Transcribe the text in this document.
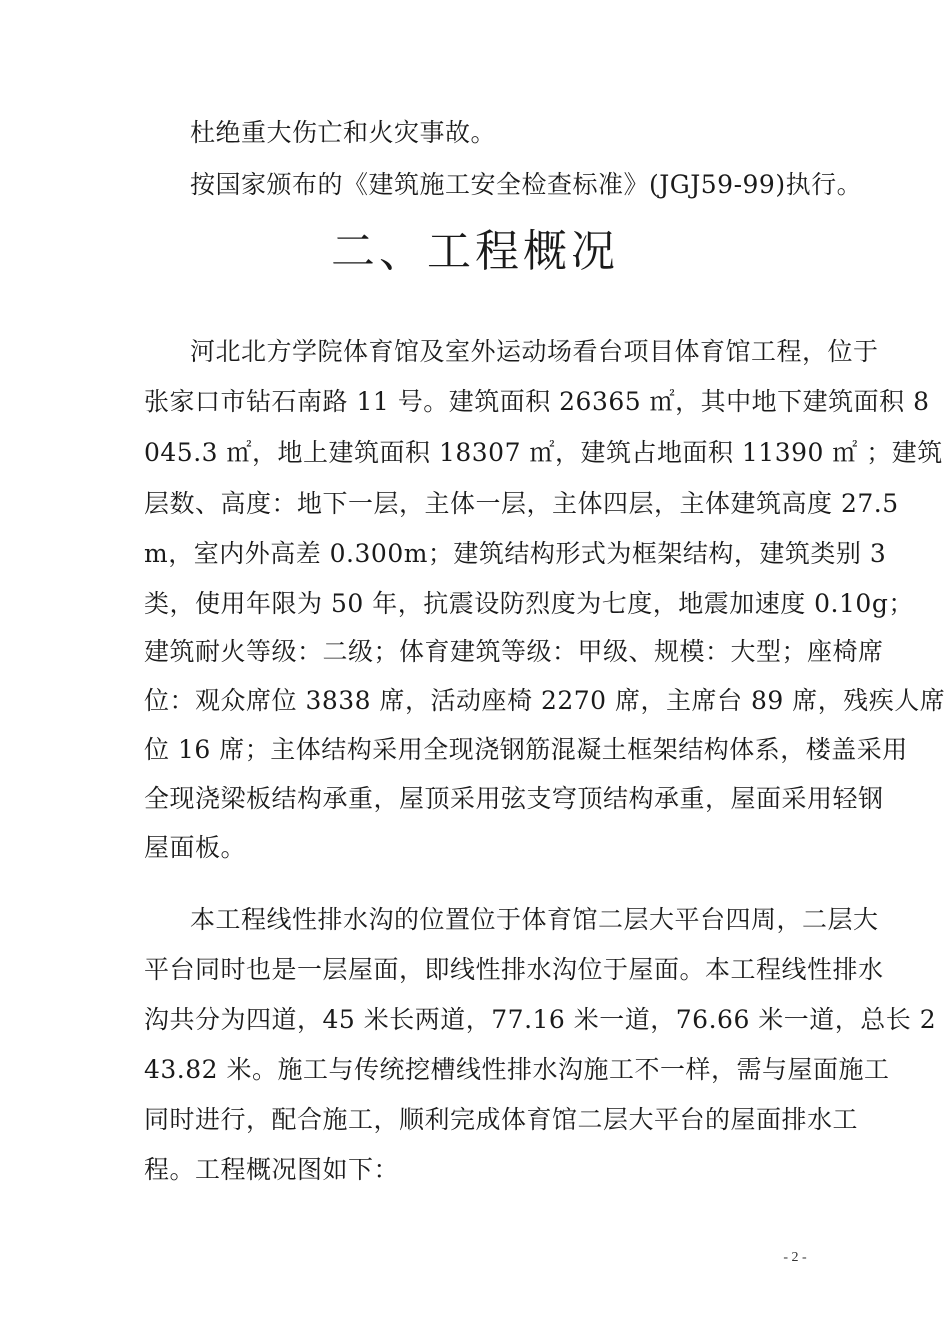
杜绝重大伤亡和火灾事故。
按国家颁布的《建筑施工安全检查标准》(JGJ59-99)执行。
二、工程概况
河北北方学院体育馆及室外运动场看台项目体育馆工程，位于
张家口市钻石南路 11 号。建筑面积 26365 ㎡，其中地下建筑面积 8
045.3 ㎡，地上建筑面积 18307 ㎡，建筑占地面积 11390 ㎡ ；建筑
层数、高度：地下一层，主体一层，主体四层，主体建筑高度 27.5
m，室内外高差 0.300m；建筑结构形式为框架结构，建筑类别 3
类，使用年限为 50 年，抗震设防烈度为七度，地震加速度 0.10g；
建筑耐火等级：二级；体育建筑等级：甲级、规模：大型；座椅席
位：观众席位 3838 席，活动座椅 2270 席，主席台 89 席，残疾人席
位 16 席；主体结构采用全现浇钢筋混凝土框架结构体系，楼盖采用
全现浇梁板结构承重，屋顶采用弦支穹顶结构承重，屋面采用轻钢
屋面板。
本工程线性排水沟的位置位于体育馆二层大平台四周，二层大
平台同时也是一层屋面，即线性排水沟位于屋面。本工程线性排水
沟共分为四道，45 米长两道，77.16 米一道，76.66 米一道，总长 2
43.82 米。施工与传统挖槽线性排水沟施工不一样，需与屋面施工
同时进行，配合施工，顺利完成体育馆二层大平台的屋面排水工
程。工程概况图如下：
- 2 -
